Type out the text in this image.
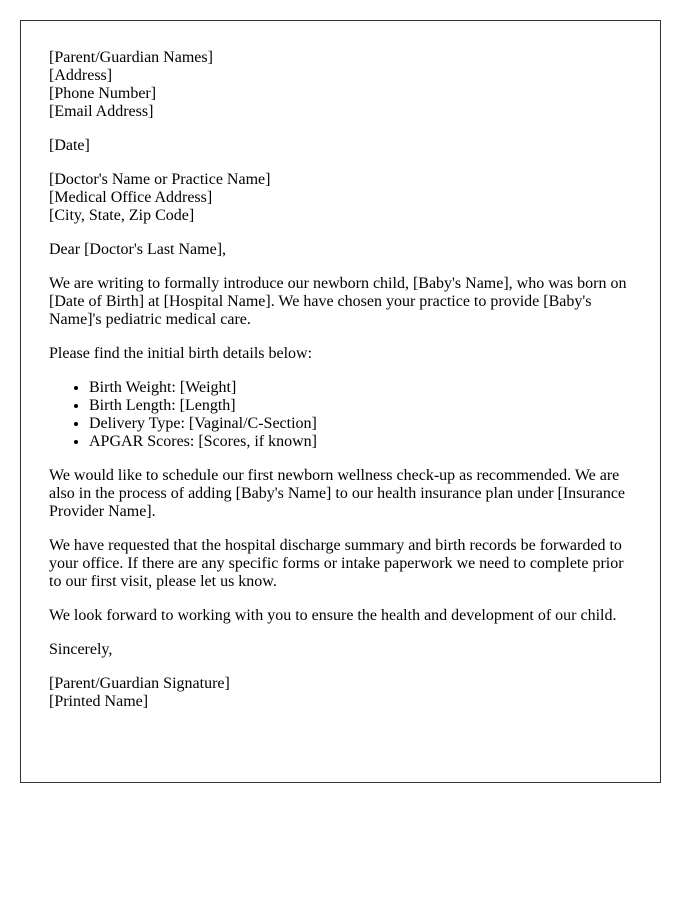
[Parent/Guardian Names]
[Address]
[Phone Number]
[Email Address]

[Date]

[Doctor's Name or Practice Name]
[Medical Office Address]
[City, State, Zip Code]

Dear [Doctor's Last Name],

We are writing to formally introduce our newborn child, [Baby's Name], who was born on [Date of Birth] at [Hospital Name]. We have chosen your practice to provide [Baby's Name]'s pediatric medical care.

Please find the initial birth details below:

• Birth Weight: [Weight]
• Birth Length: [Length]
• Delivery Type: [Vaginal/C-Section]
• APGAR Scores: [Scores, if known]

We would like to schedule our first newborn wellness check-up as recommended. We are also in the process of adding [Baby's Name] to our health insurance plan under [Insurance Provider Name].

We have requested that the hospital discharge summary and birth records be forwarded to your office. If there are any specific forms or intake paperwork we need to complete prior to our first visit, please let us know.

We look forward to working with you to ensure the health and development of our child.

Sincerely,

[Parent/Guardian Signature]
[Printed Name]
